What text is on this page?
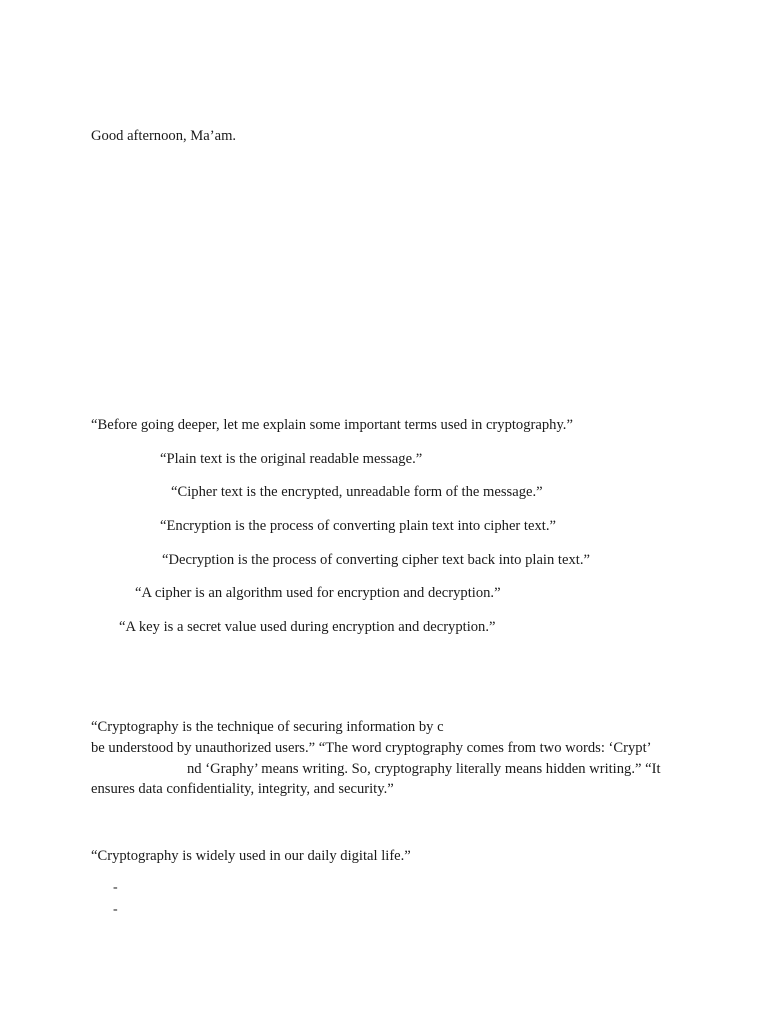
Good afternoon, Ma’am.
“Before going deeper, let me explain some important terms used in cryptography.”
“Plain text is the original readable message.”
“Cipher text is the encrypted, unreadable form of the message.”
“Encryption is the process of converting plain text into cipher text.”
“Decryption is the process of converting cipher text back into plain text.”
“A cipher is an algorithm used for encryption and decryption.”
“A key is a secret value used during encryption and decryption.”
“Cryptography is the technique of securing information by c
be understood by unauthorized users.” “The word cryptography comes from two words: ‘Crypt’
nd ‘Graphy’ means writing. So, cryptography literally means hidden writing.” “It
ensures data confidentiality, integrity, and security.”
“Cryptography is widely used in our daily digital life.”
-
-
